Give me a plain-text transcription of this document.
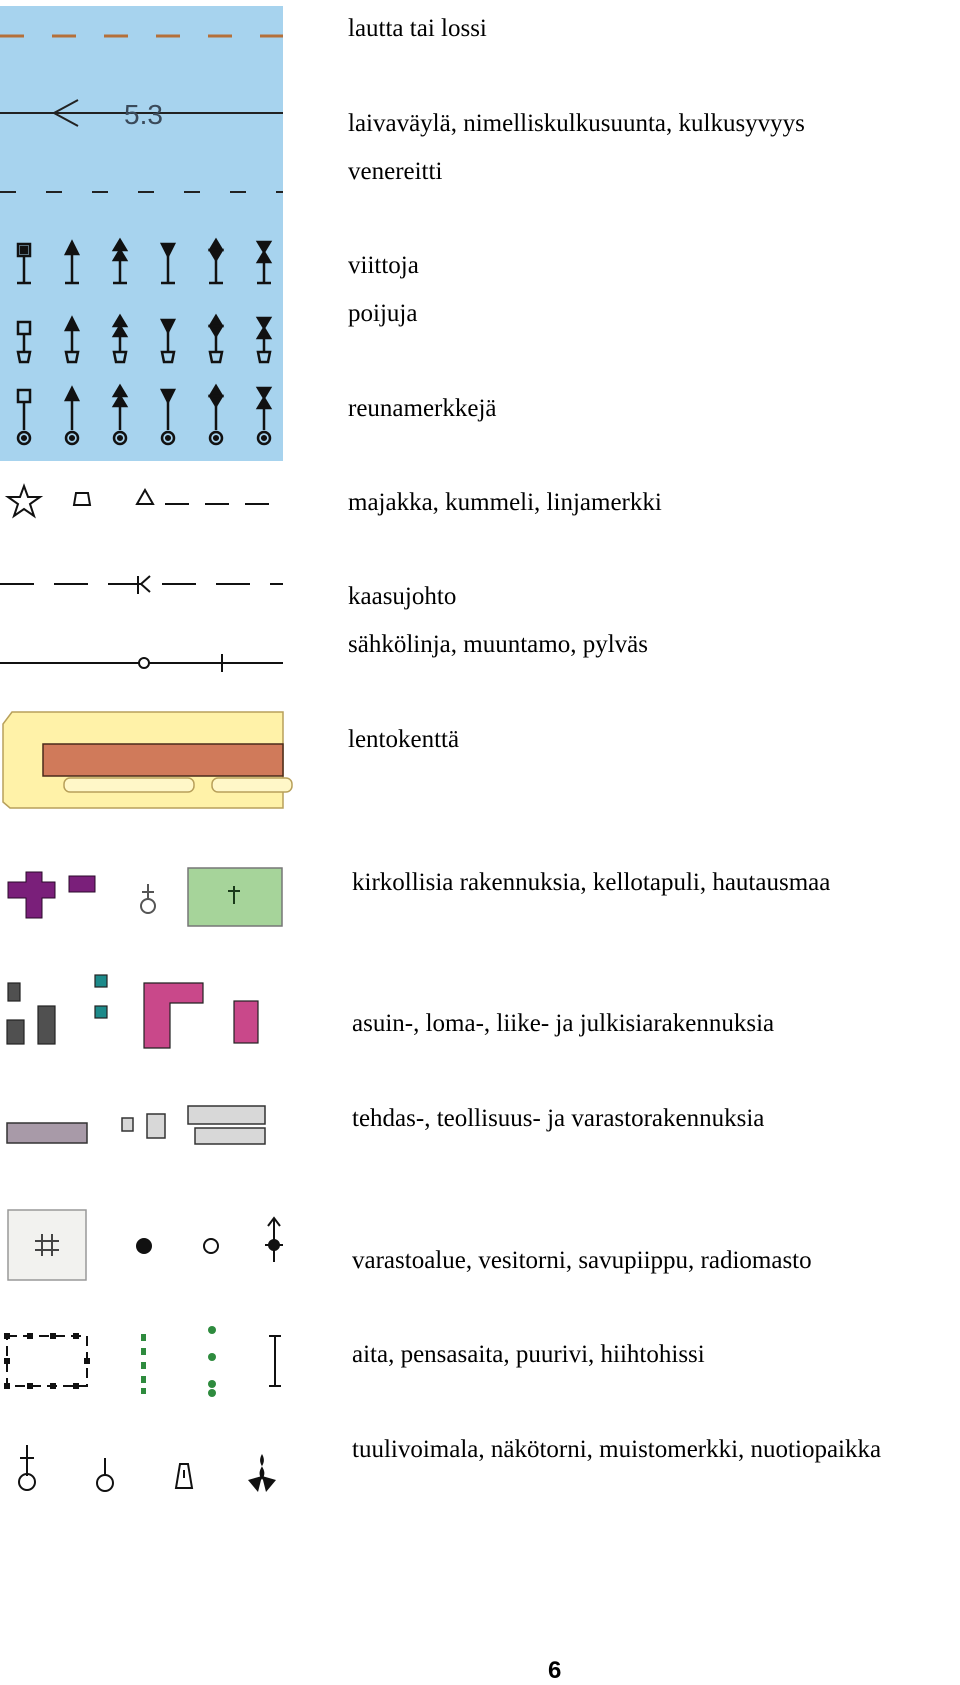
5.3
lautta tai lossi
laivaväylä, nimelliskulkusuunta, kulkusyvyys
venereitti
viittoja
poijuja
reunamerkkejä
majakka, kummeli, linjamerkki
kaasujohto
sähkölinja, muuntamo, pylväs
lentokenttä
kirkollisia rakennuksia, kellotapuli, hautausmaa
asuin-, loma-, liike- ja julkisiarakennuksia
tehdas-, teollisuus- ja varastorakennuksia
varastoalue, vesitorni, savupiippu, radiomasto
aita, pensasaita, puurivi, hiihtohissi
tuulivoimala, näkötorni, muistomerkki, nuotiopaikka
6
